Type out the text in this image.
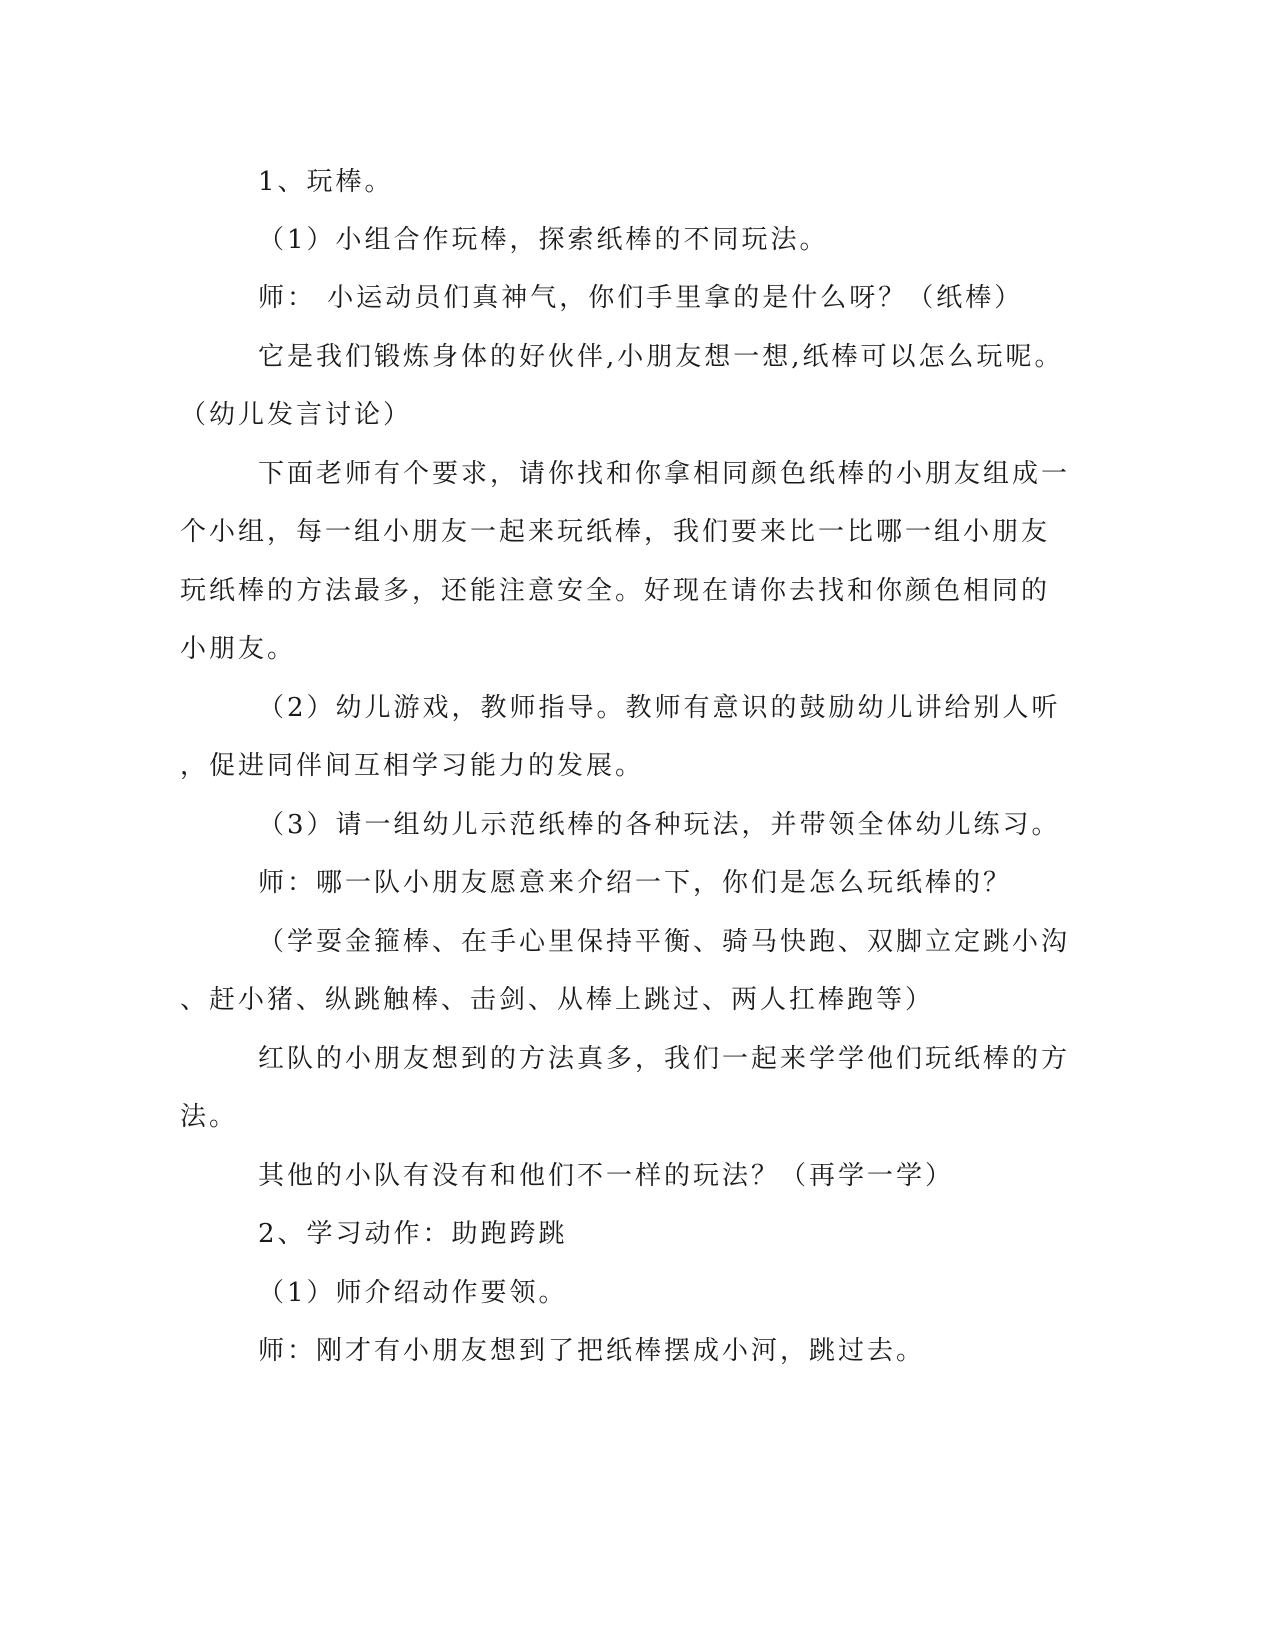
1、玩棒。
（1）小组合作玩棒，探索纸棒的不同玩法。
师： 小运动员们真神气，你们手里拿的是什么呀？（纸棒）
它是我们锻炼身体的好伙伴,小朋友想一想,纸棒可以怎么玩呢。
（幼儿发言讨论）
下面老师有个要求，请你找和你拿相同颜色纸棒的小朋友组成一
个小组，每一组小朋友一起来玩纸棒，我们要来比一比哪一组小朋友
玩纸棒的方法最多，还能注意安全。好现在请你去找和你颜色相同的
小朋友。
（2）幼儿游戏，教师指导。教师有意识的鼓励幼儿讲给别人听
，促进同伴间互相学习能力的发展。
（3）请一组幼儿示范纸棒的各种玩法，并带领全体幼儿练习。
师：哪一队小朋友愿意来介绍一下，你们是怎么玩纸棒的？
（学耍金箍棒、在手心里保持平衡、骑马快跑、双脚立定跳小沟
、赶小猪、纵跳触棒、击剑、从棒上跳过、两人扛棒跑等）
红队的小朋友想到的方法真多，我们一起来学学他们玩纸棒的方
法。
其他的小队有没有和他们不一样的玩法？（再学一学）
2、学习动作：助跑跨跳
（1）师介绍动作要领。
师：刚才有小朋友想到了把纸棒摆成小河，跳过去。
